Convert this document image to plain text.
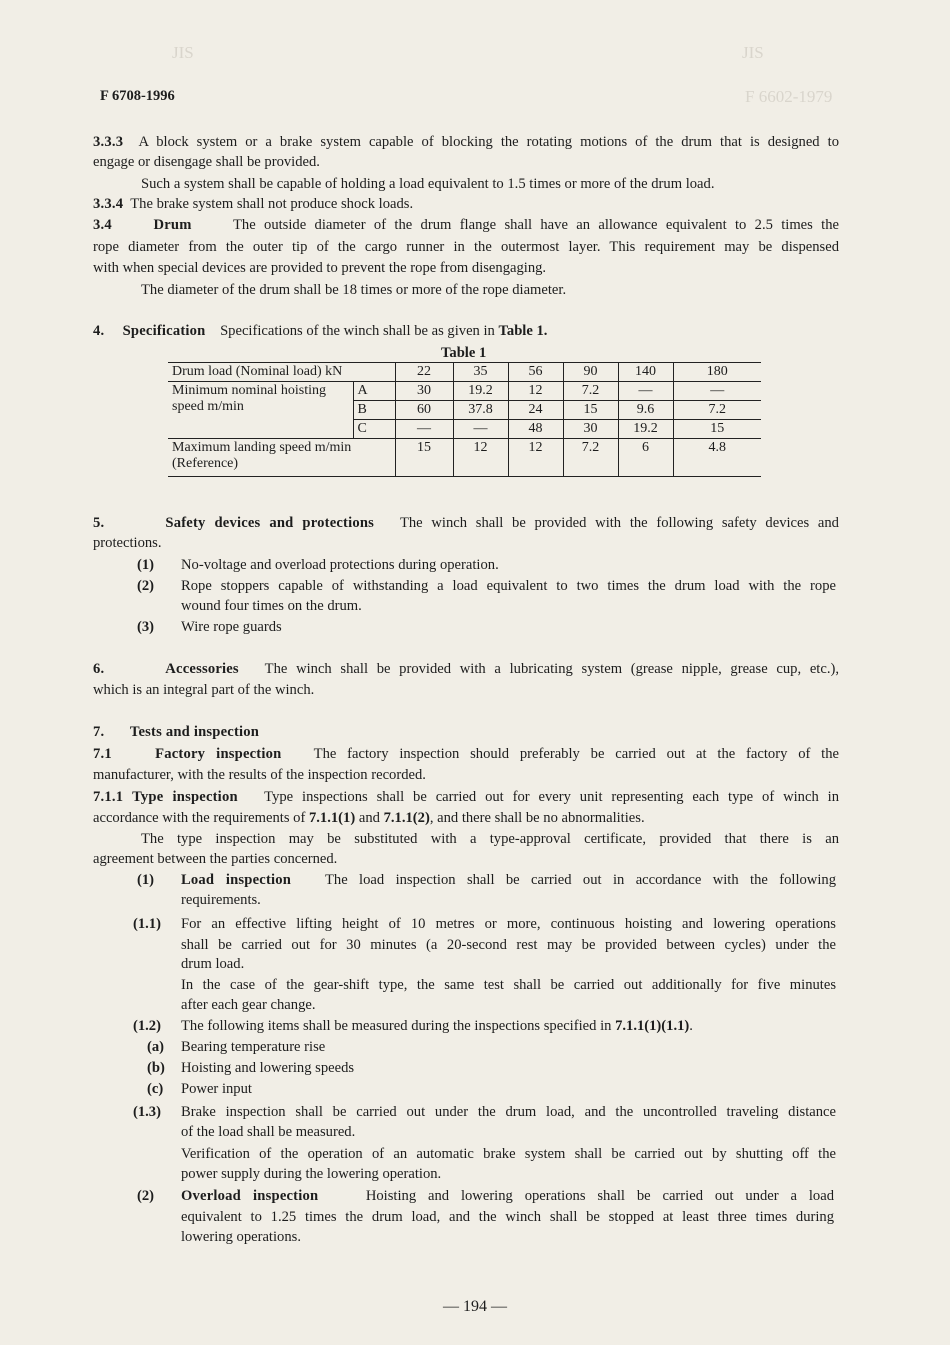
JIS	JIS
F 6602-1979
F 6708-1996
3.3.3 A block system or a brake system capable of blocking the rotating motions of the drum that is designed to
engage or disengage shall be provided.
Such a system shall be capable of holding a load equivalent to 1.5 times or more of the drum load.
3.3.4 The brake system shall not produce shock loads.
3.4	Drum	The outside diameter of the drum flange shall have an allowance equivalent to 2.5 times the
rope diameter from the outer tip of the cargo runner in the outermost layer. This requirement may be dispensed
with when special devices are provided to prevent the rope from disengaging.
The diameter of the drum shall be 18 times or more of the rope diameter.
4. Specification Specifications of the winch shall be as given in Table 1.
Table 1
Drum load (Nominal load) kN		22	35	56	90	140	180
Minimum nominal hoisting
speed m/min	A	30	19.2	12	7.2	—	—
	B	60	37.8	24	15	9.6	7.2
	C	—	—	48	30	19.2	15
Maximum landing speed m/min
(Reference)		15	12	12	7.2	6	4.8
5.	Safety devices and protections The winch shall be provided with the following safety devices and
protections.
(1) No-voltage and overload protections during operation.
(2) Rope stoppers capable of withstanding a load equivalent to two times the drum load with the rope
wound four times on the drum.
(3) Wire rope guards
6.	Accessories The winch shall be provided with a lubricating system (grease nipple, grease cup, etc.),
which is an integral part of the winch.
7. Tests and inspection
7.1	Factory inspection The factory inspection should preferably be carried out at the factory of the
manufacturer, with the results of the inspection recorded.
7.1.1 Type inspection Type inspections shall be carried out for every unit representing each type of winch in
accordance with the requirements of 7.1.1(1) and 7.1.1(2), and there shall be no abnormalities.
The type inspection may be substituted with a type-approval certificate, provided that there is an
agreement between the parties concerned.
(1) Load inspection The load inspection shall be carried out in accordance with the following
requirements.
(1.1) For an effective lifting height of 10 metres or more, continuous hoisting and lowering operations
shall be carried out for 30 minutes (a 20-second rest may be provided between cycles) under the
drum load.
In the case of the gear-shift type, the same test shall be carried out additionally for five minutes
after each gear change.
(1.2) The following items shall be measured during the inspections specified in 7.1.1(1)(1.1).
(a) Bearing temperature rise
(b) Hoisting and lowering speeds
(c) Power input
(1.3) Brake inspection shall be carried out under the drum load, and the uncontrolled traveling distance
of the load shall be measured.
Verification of the operation of an automatic brake system shall be carried out by shutting off the
power supply during the lowering operation.
(2) Overload inspection	Hoisting and lowering operations shall be carried out under a load
equivalent to 1.25 times the drum load, and the winch shall be stopped at least three times during
lowering operations.
— 194 —
